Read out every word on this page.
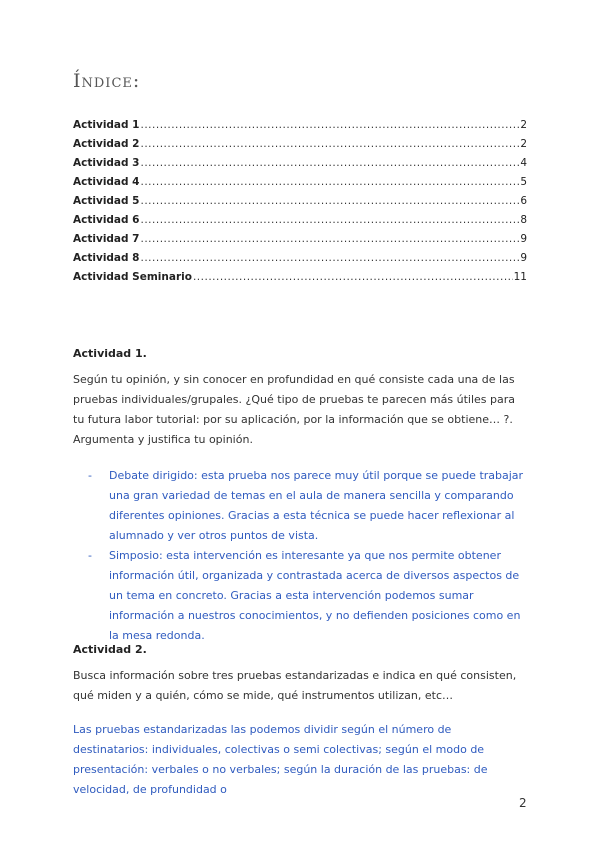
Índice:
Actividad 1 .....	2
Actividad 2 .....	2
Actividad 3 .....	4
Actividad 4 .....	5
Actividad 5 .....	6
Actividad 6 .....	8
Actividad 7 .....	9
Actividad 8 .....	9
Actividad Seminario .....	11
Actividad 1.
Según tu opinión, y sin conocer en profundidad en qué consiste cada una de las pruebas individuales/grupales. ¿Qué tipo de pruebas te parecen más útiles para tu futura labor tutorial: por su aplicación, por la información que se obtiene… ?. Argumenta y justifica tu opinión.
- Debate dirigido: esta prueba nos parece muy útil porque se puede trabajar una gran variedad de temas en el aula de manera sencilla y comparando diferentes opiniones. Gracias a esta técnica se puede hacer reflexionar al alumnado y ver otros puntos de vista.
- Simposio: esta intervención es interesante ya que nos permite obtener información útil, organizada y contrastada acerca de diversos aspectos de un tema en concreto. Gracias a esta intervención podemos sumar información a nuestros conocimientos, y no defienden posiciones como en la mesa redonda.
Actividad 2.
Busca información sobre tres pruebas estandarizadas e indica en qué consisten, qué miden y a quién, cómo se mide, qué instrumentos utilizan, etc…
Las pruebas estandarizadas las podemos dividir según el número de destinatarios: individuales, colectivas o semi colectivas; según el modo de presentación: verbales o no verbales; según la duración de las pruebas: de velocidad, de profundidad o
2
